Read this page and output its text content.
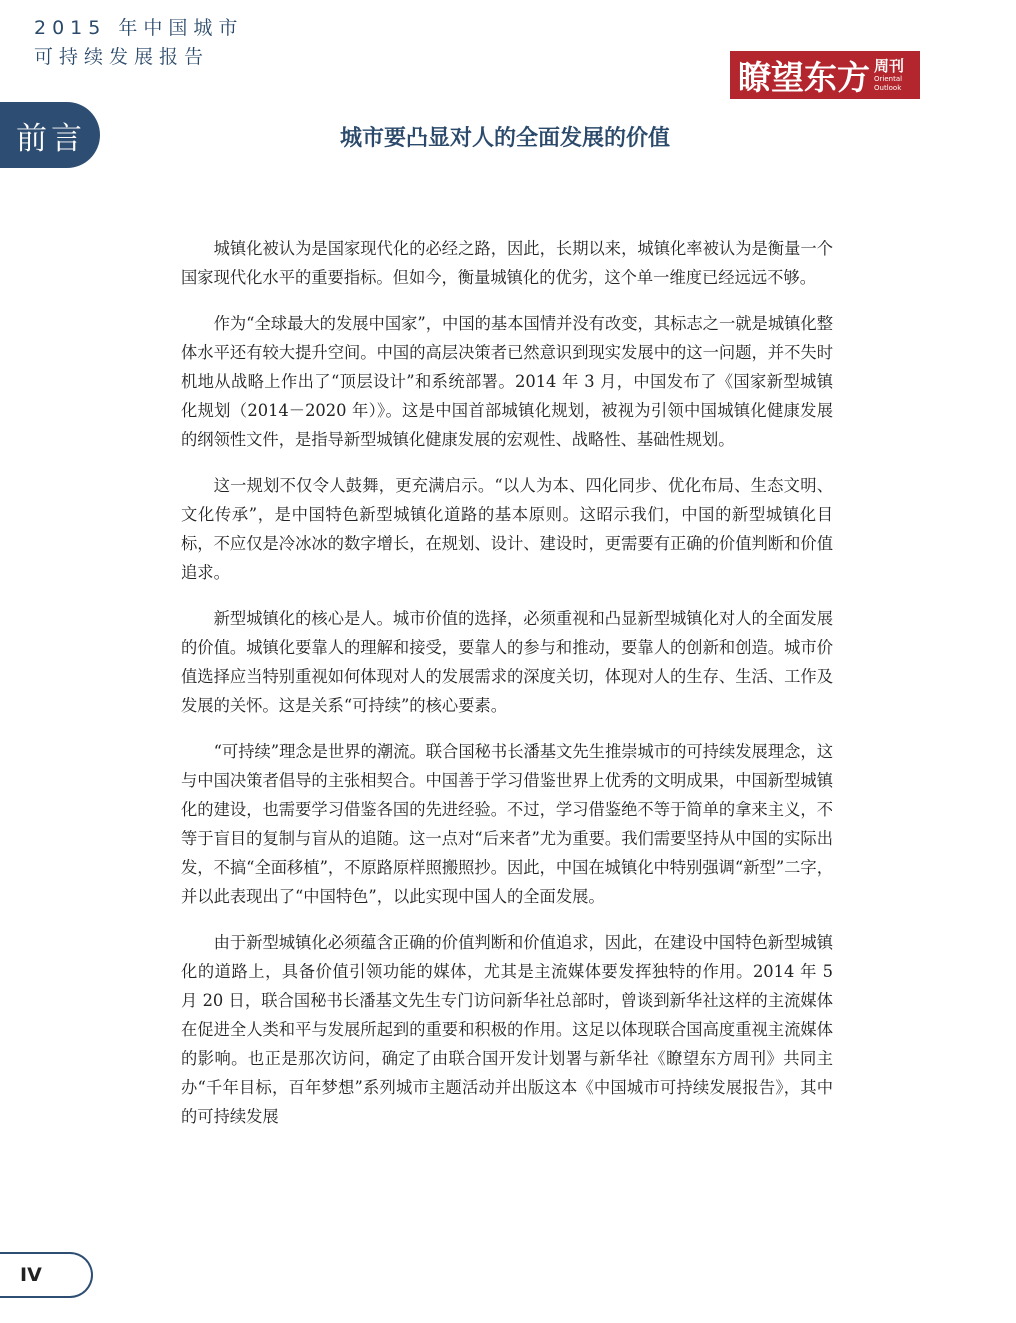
2015 年中国城市
可持续发展报告
瞭望东方 周刊
Oriental
Outlook
前言	城市要凸显对人的全面发展的价值

城镇化被认为是国家现代化的必经之路，因此，长期以来，城镇化率被认为是衡量一个国家现代化水平的重要指标。但如今，衡量城镇化的优劣，这个单一维度已经远远不够。

作为“全球最大的发展中国家”，中国的基本国情并没有改变，其标志之一就是城镇化整体水平还有较大提升空间。中国的高层决策者已然意识到现实发展中的这一问题，并不失时机地从战略上作出了“顶层设计”和系统部署。2014 年 3 月，中国发布了《国家新型城镇化规划（2014－2020 年）》。这是中国首部城镇化规划，被视为引领中国城镇化健康发展的纲领性文件，是指导新型城镇化健康发展的宏观性、战略性、基础性规划。

这一规划不仅令人鼓舞，更充满启示。“以人为本、四化同步、优化布局、生态文明、文化传承”，是中国特色新型城镇化道路的基本原则。这昭示我们，中国的新型城镇化目标，不应仅是冷冰冰的数字增长，在规划、设计、建设时，更需要有正确的价值判断和价值追求。

新型城镇化的核心是人。城市价值的选择，必须重视和凸显新型城镇化对人的全面发展的价值。城镇化要靠人的理解和接受，要靠人的参与和推动，要靠人的创新和创造。城市价值选择应当特别重视如何体现对人的发展需求的深度关切，体现对人的生存、生活、工作及发展的关怀。这是关系“可持续”的核心要素。

“可持续”理念是世界的潮流。联合国秘书长潘基文先生推崇城市的可持续发展理念，这与中国决策者倡导的主张相契合。中国善于学习借鉴世界上优秀的文明成果，中国新型城镇化的建设，也需要学习借鉴各国的先进经验。不过，学习借鉴绝不等于简单的拿来主义，不等于盲目的复制与盲从的追随。这一点对“后来者”尤为重要。我们需要坚持从中国的实际出发，不搞“全面移植”，不原路原样照搬照抄。因此，中国在城镇化中特别强调“新型”二字，并以此表现出了“中国特色”，以此实现中国人的全面发展。

由于新型城镇化必须蕴含正确的价值判断和价值追求，因此，在建设中国特色新型城镇化的道路上，具备价值引领功能的媒体，尤其是主流媒体要发挥独特的作用。2014 年 5 月 20 日，联合国秘书长潘基文先生专门访问新华社总部时，曾谈到新华社这样的主流媒体在促进全人类和平与发展所起到的重要和积极的作用。这足以体现联合国高度重视主流媒体的影响。也正是那次访问，确定了由联合国开发计划署与新华社《瞭望东方周刊》共同主办“千年目标，百年梦想”系列城市主题活动并出版这本《中国城市可持续发展报告》，其中的可持续发展

IV
